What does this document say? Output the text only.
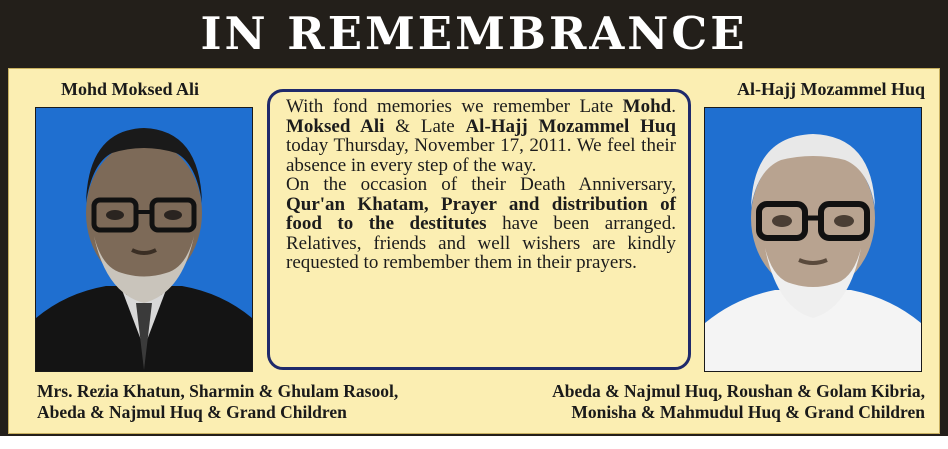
IN REMEMBRANCE
Mohd Moksed Ali	Al-Hajj Mozammel Huq

With fond memories we remember Late Mohd. Moksed Ali & Late Al-Hajj Mozammel Huq today Thursday, November 17, 2011. We feel their absence in every step of the way.

On the occasion of their Death Anniversary, Qur'an Khatam, Prayer and distribution of food to the destitutes have been arranged. Relatives, friends and well wishers are kindly requested to rembember them in their prayers.

Mrs. Rezia Khatun, Sharmin & Ghulam Rasool,
Abeda & Najmul Huq & Grand Children
Abeda & Najmul Huq, Roushan & Golam Kibria,
Monisha & Mahmudul Huq & Grand Children
